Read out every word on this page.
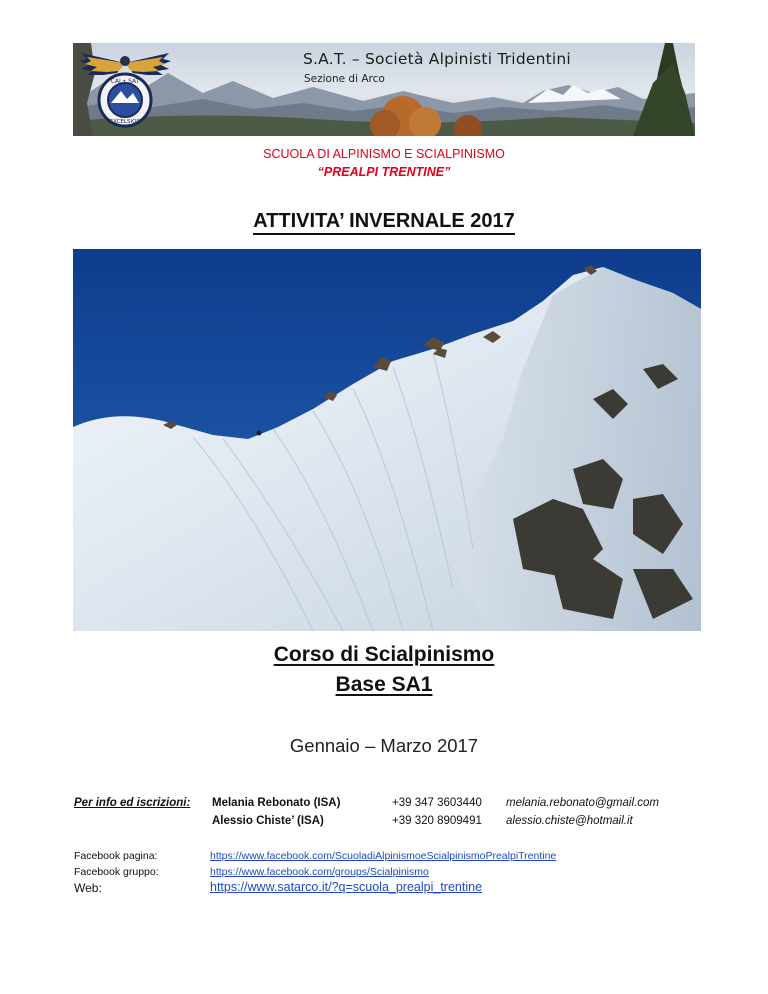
CAI • SAT
EXCELSIOR
S.A.T. – Società Alpinisti Tridentini
Sezione di Arco
SCUOLA DI ALPINISMO E SCIALPINISMO
“PREALPI TRENTINE”
ATTIVITA’ INVERNALE 2017
Corso di Scialpinismo
Base SA1
Gennaio – Marzo 2017
Per info ed iscrizioni: Melania Rebonato (ISA)	+39 347 3603440 melania.rebonato@gmail.com
Alessio Chiste’ (ISA)	+39 320 8909491 alessio.chiste@hotmail.it
Facebook pagina:	https://www.facebook.com/ScuoladiAlpinismoeScialpinismoPrealpiTrentine
Facebook gruppo:	https://www.facebook.com/groups/Scialpinismo
Web:	https://www.satarco.it/?q=scuola_prealpi_trentine
